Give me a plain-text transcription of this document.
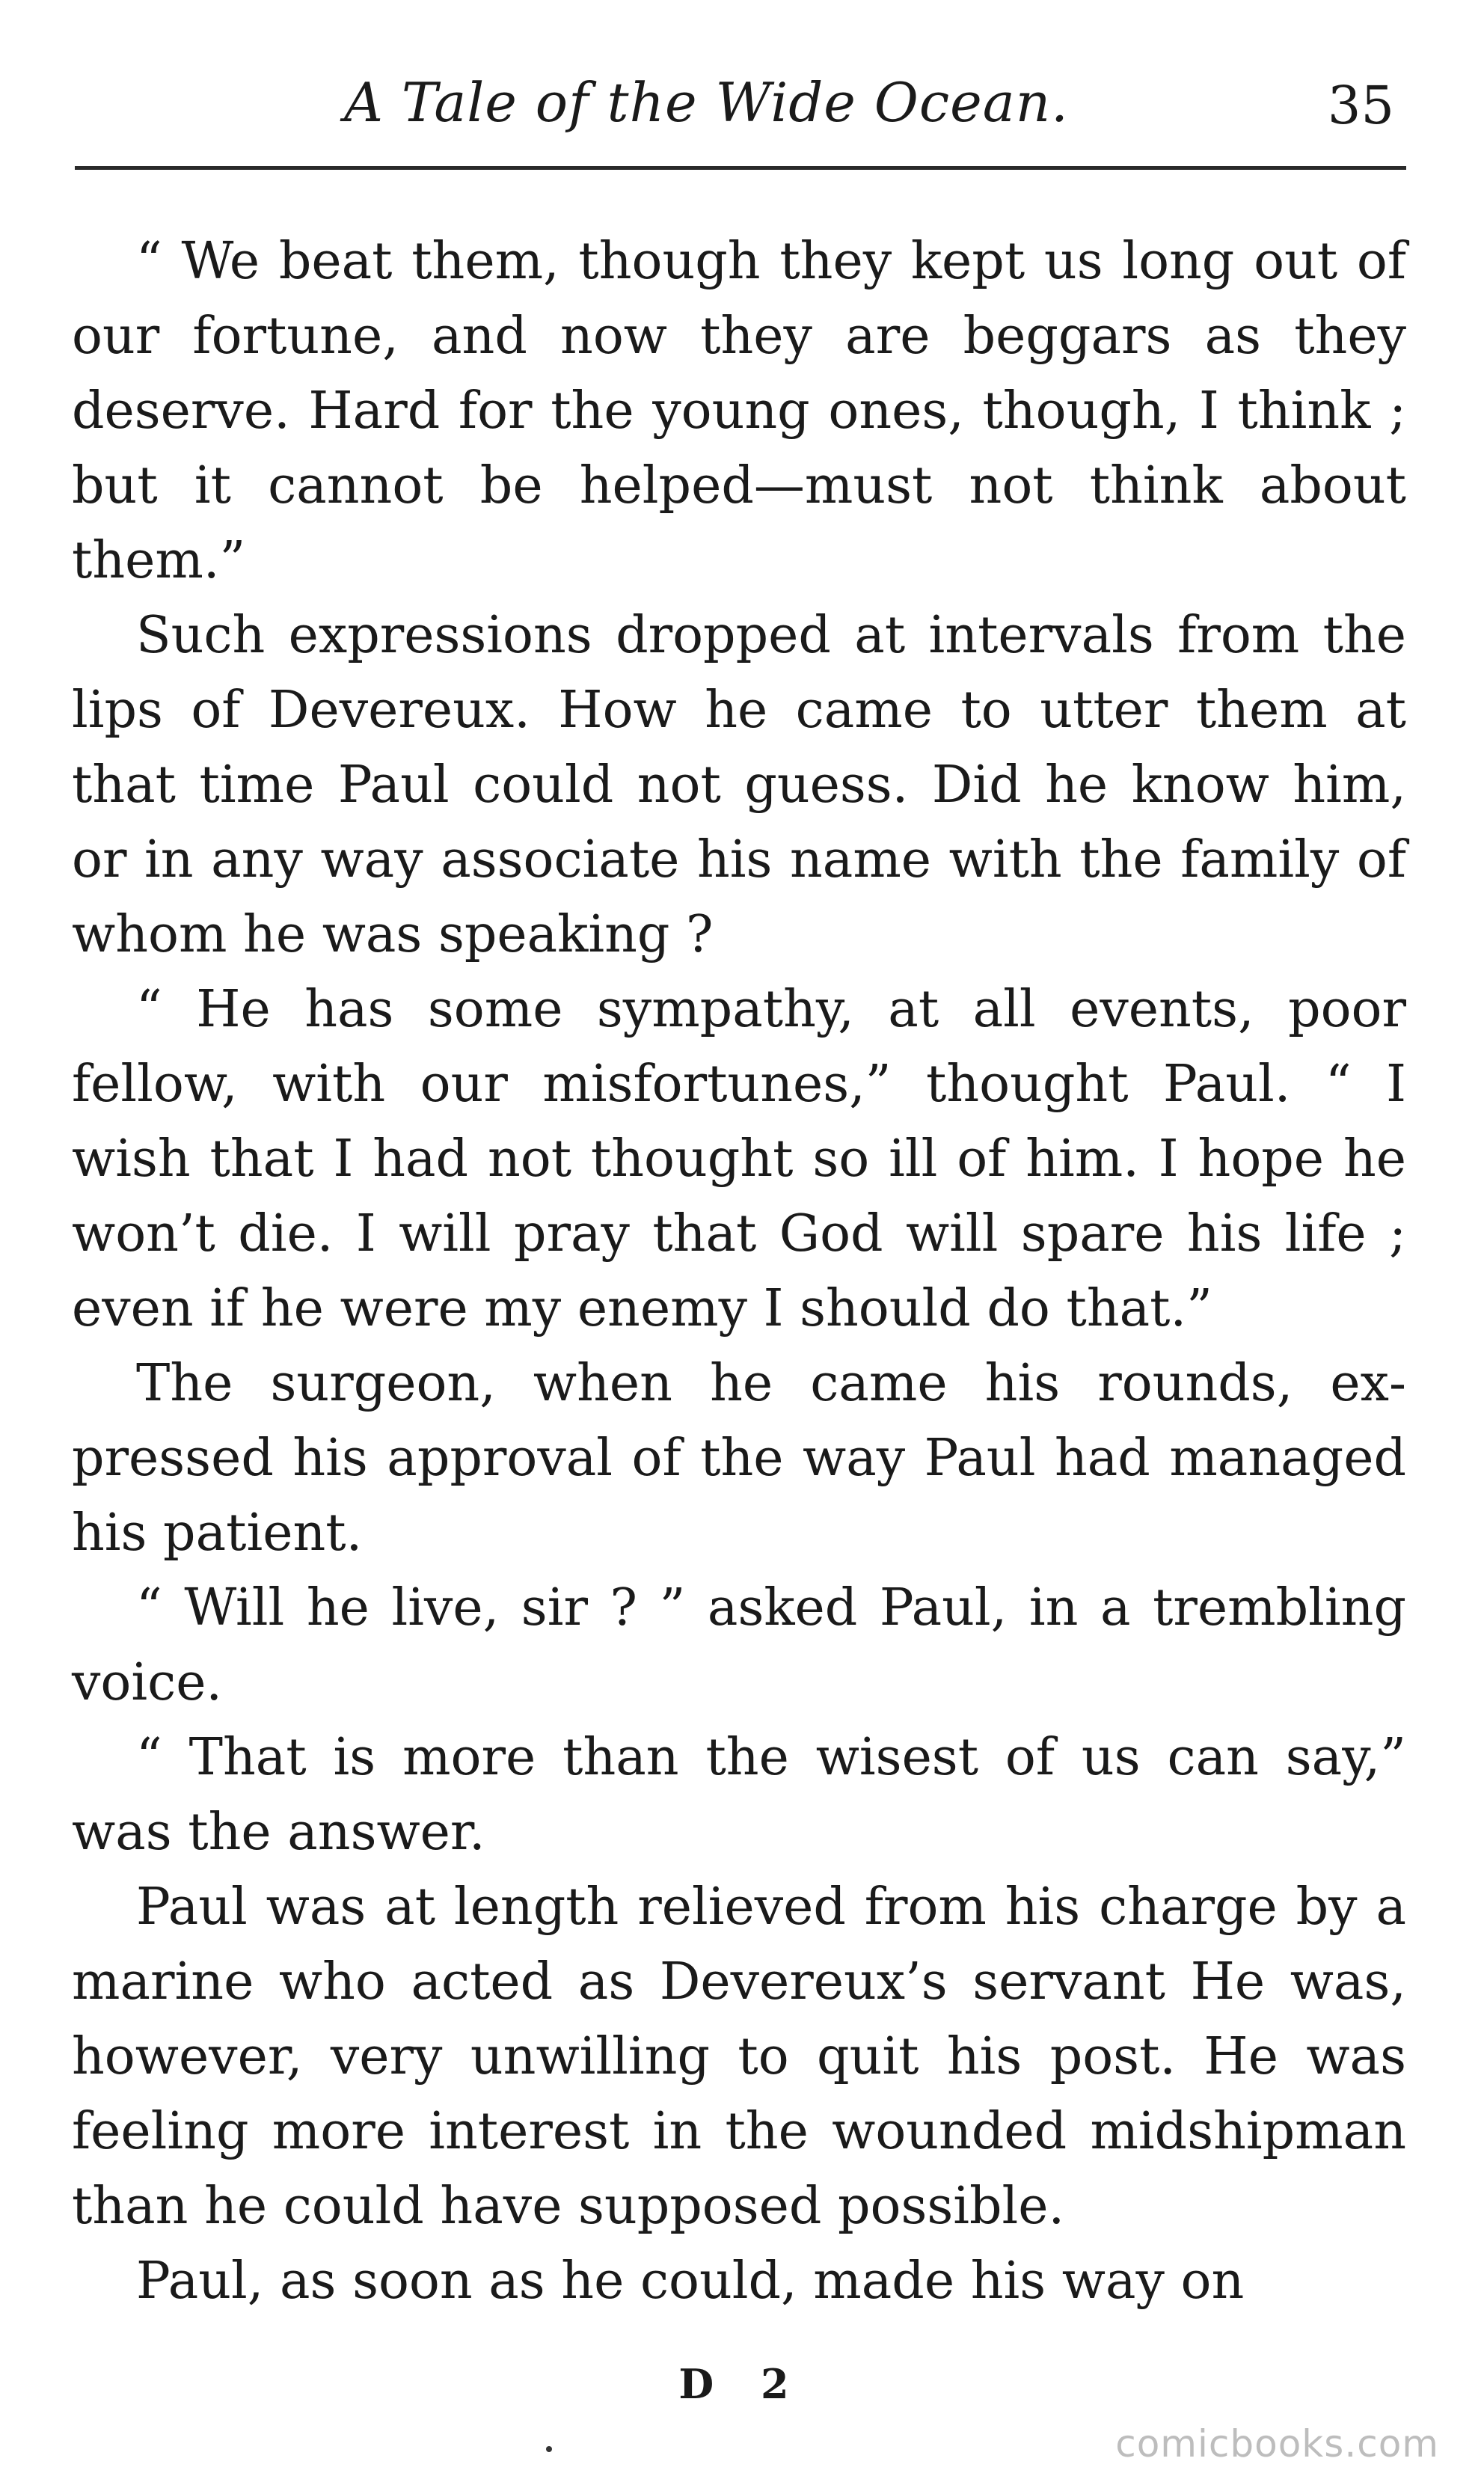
A Tale of the Wide Ocean.	35

“ We beat them, though they kept us long out of our fortune, and now they are beggars as they deserve. Hard for the young ones, though, I think ; but it cannot be helped—must not think about them.”

Such expressions dropped at intervals from the lips of Devereux. How he came to utter them at that time Paul could not guess. Did he know him, or in any way associate his name with the family of whom he was speaking ?

“ He has some sympathy, at all events, poor fellow, with our misfortunes,” thought Paul. “ I wish that I had not thought so ill of him. I hope he won’t die. I will pray that God will spare his life ; even if he were my enemy I should do that.”

The surgeon, when he came his rounds, expressed his approval of the way Paul had managed his patient.

“ Will he live, sir ? ” asked Paul, in a trembling voice.

“ That is more than the wisest of us can say,” was the answer.

Paul was at length relieved from his charge by a marine who acted as Devereux’s servant He was, however, very unwilling to quit his post. He was feeling more interest in the wounded midshipman than he could have supposed possible.

Paul, as soon as he could, made his way on

D 2
comicbooks.com
